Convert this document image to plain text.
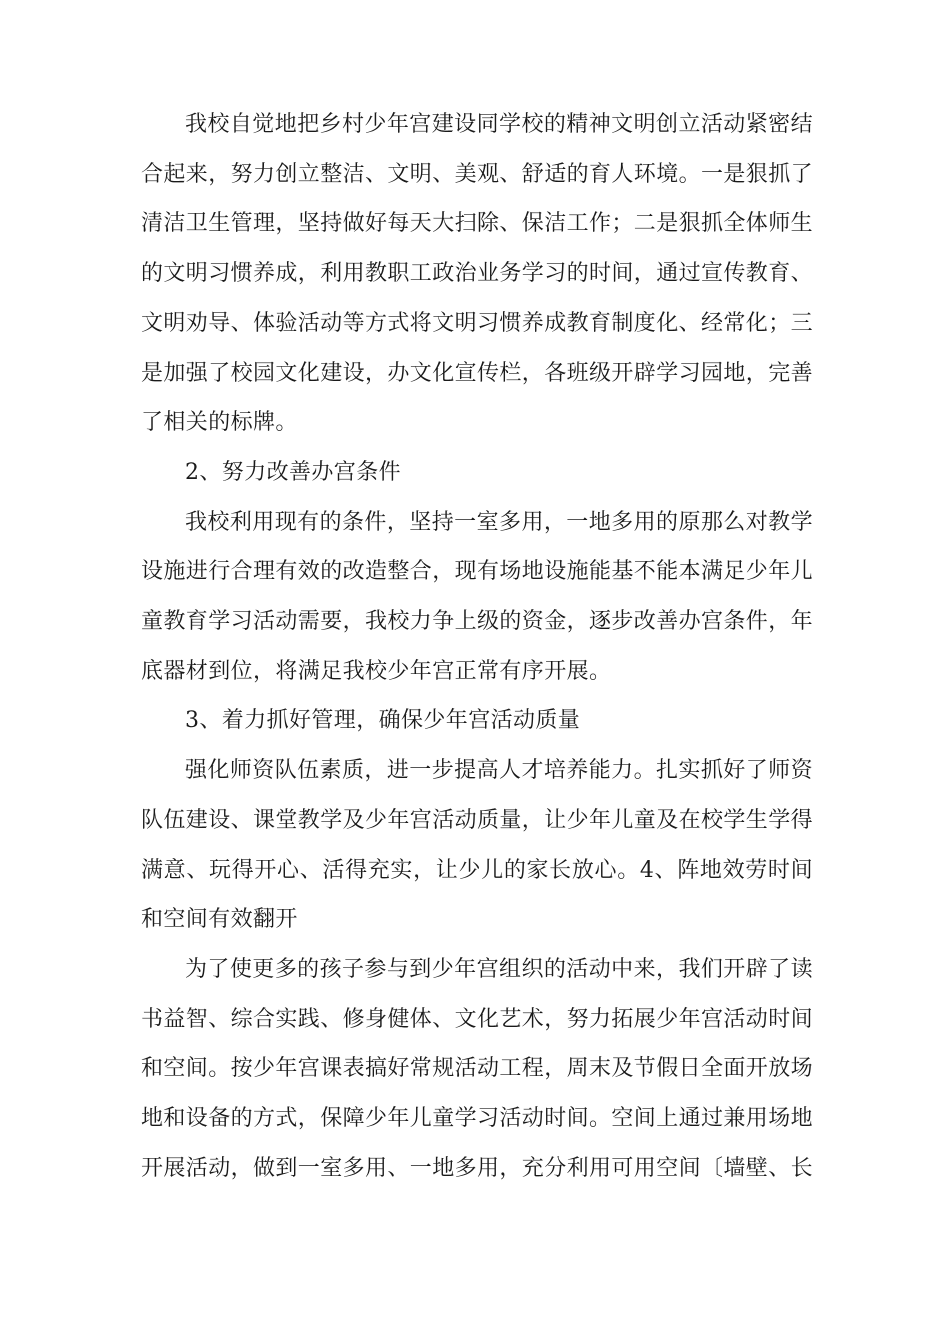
我校自觉地把乡村少年宫建设同学校的精神文明创立活动紧密结合起来，努力创立整洁、文明、美观、舒适的育人环境。一是狠抓了清洁卫生管理，坚持做好每天大扫除、保洁工作；二是狠抓全体师生的文明习惯养成，利用教职工政治业务学习的时间，通过宣传教育、文明劝导、体验活动等方式将文明习惯养成教育制度化、经常化；三是加强了校园文化建设，办文化宣传栏，各班级开辟学习园地，完善了相关的标牌。

2、努力改善办宫条件

我校利用现有的条件，坚持一室多用，一地多用的原那么对教学设施进行合理有效的改造整合，现有场地设施能基不能本满足少年儿童教育学习活动需要，我校力争上级的资金，逐步改善办宫条件，年底器材到位，将满足我校少年宫正常有序开展。

3、着力抓好管理，确保少年宫活动质量

强化师资队伍素质，进一步提高人才培养能力。扎实抓好了师资队伍建设、课堂教学及少年宫活动质量，让少年儿童及在校学生学得满意、玩得开心、活得充实，让少儿的家长放心。4、阵地效劳时间和空间有效翻开

为了使更多的孩子参与到少年宫组织的活动中来，我们开辟了读书益智、综合实践、修身健体、文化艺术，努力拓展少年宫活动时间和空间。按少年宫课表搞好常规活动工程，周末及节假日全面开放场地和设备的方式，保障少年儿童学习活动时间。空间上通过兼用场地开展活动，做到一室多用、一地多用，充分利用可用空间〔墙壁、长
